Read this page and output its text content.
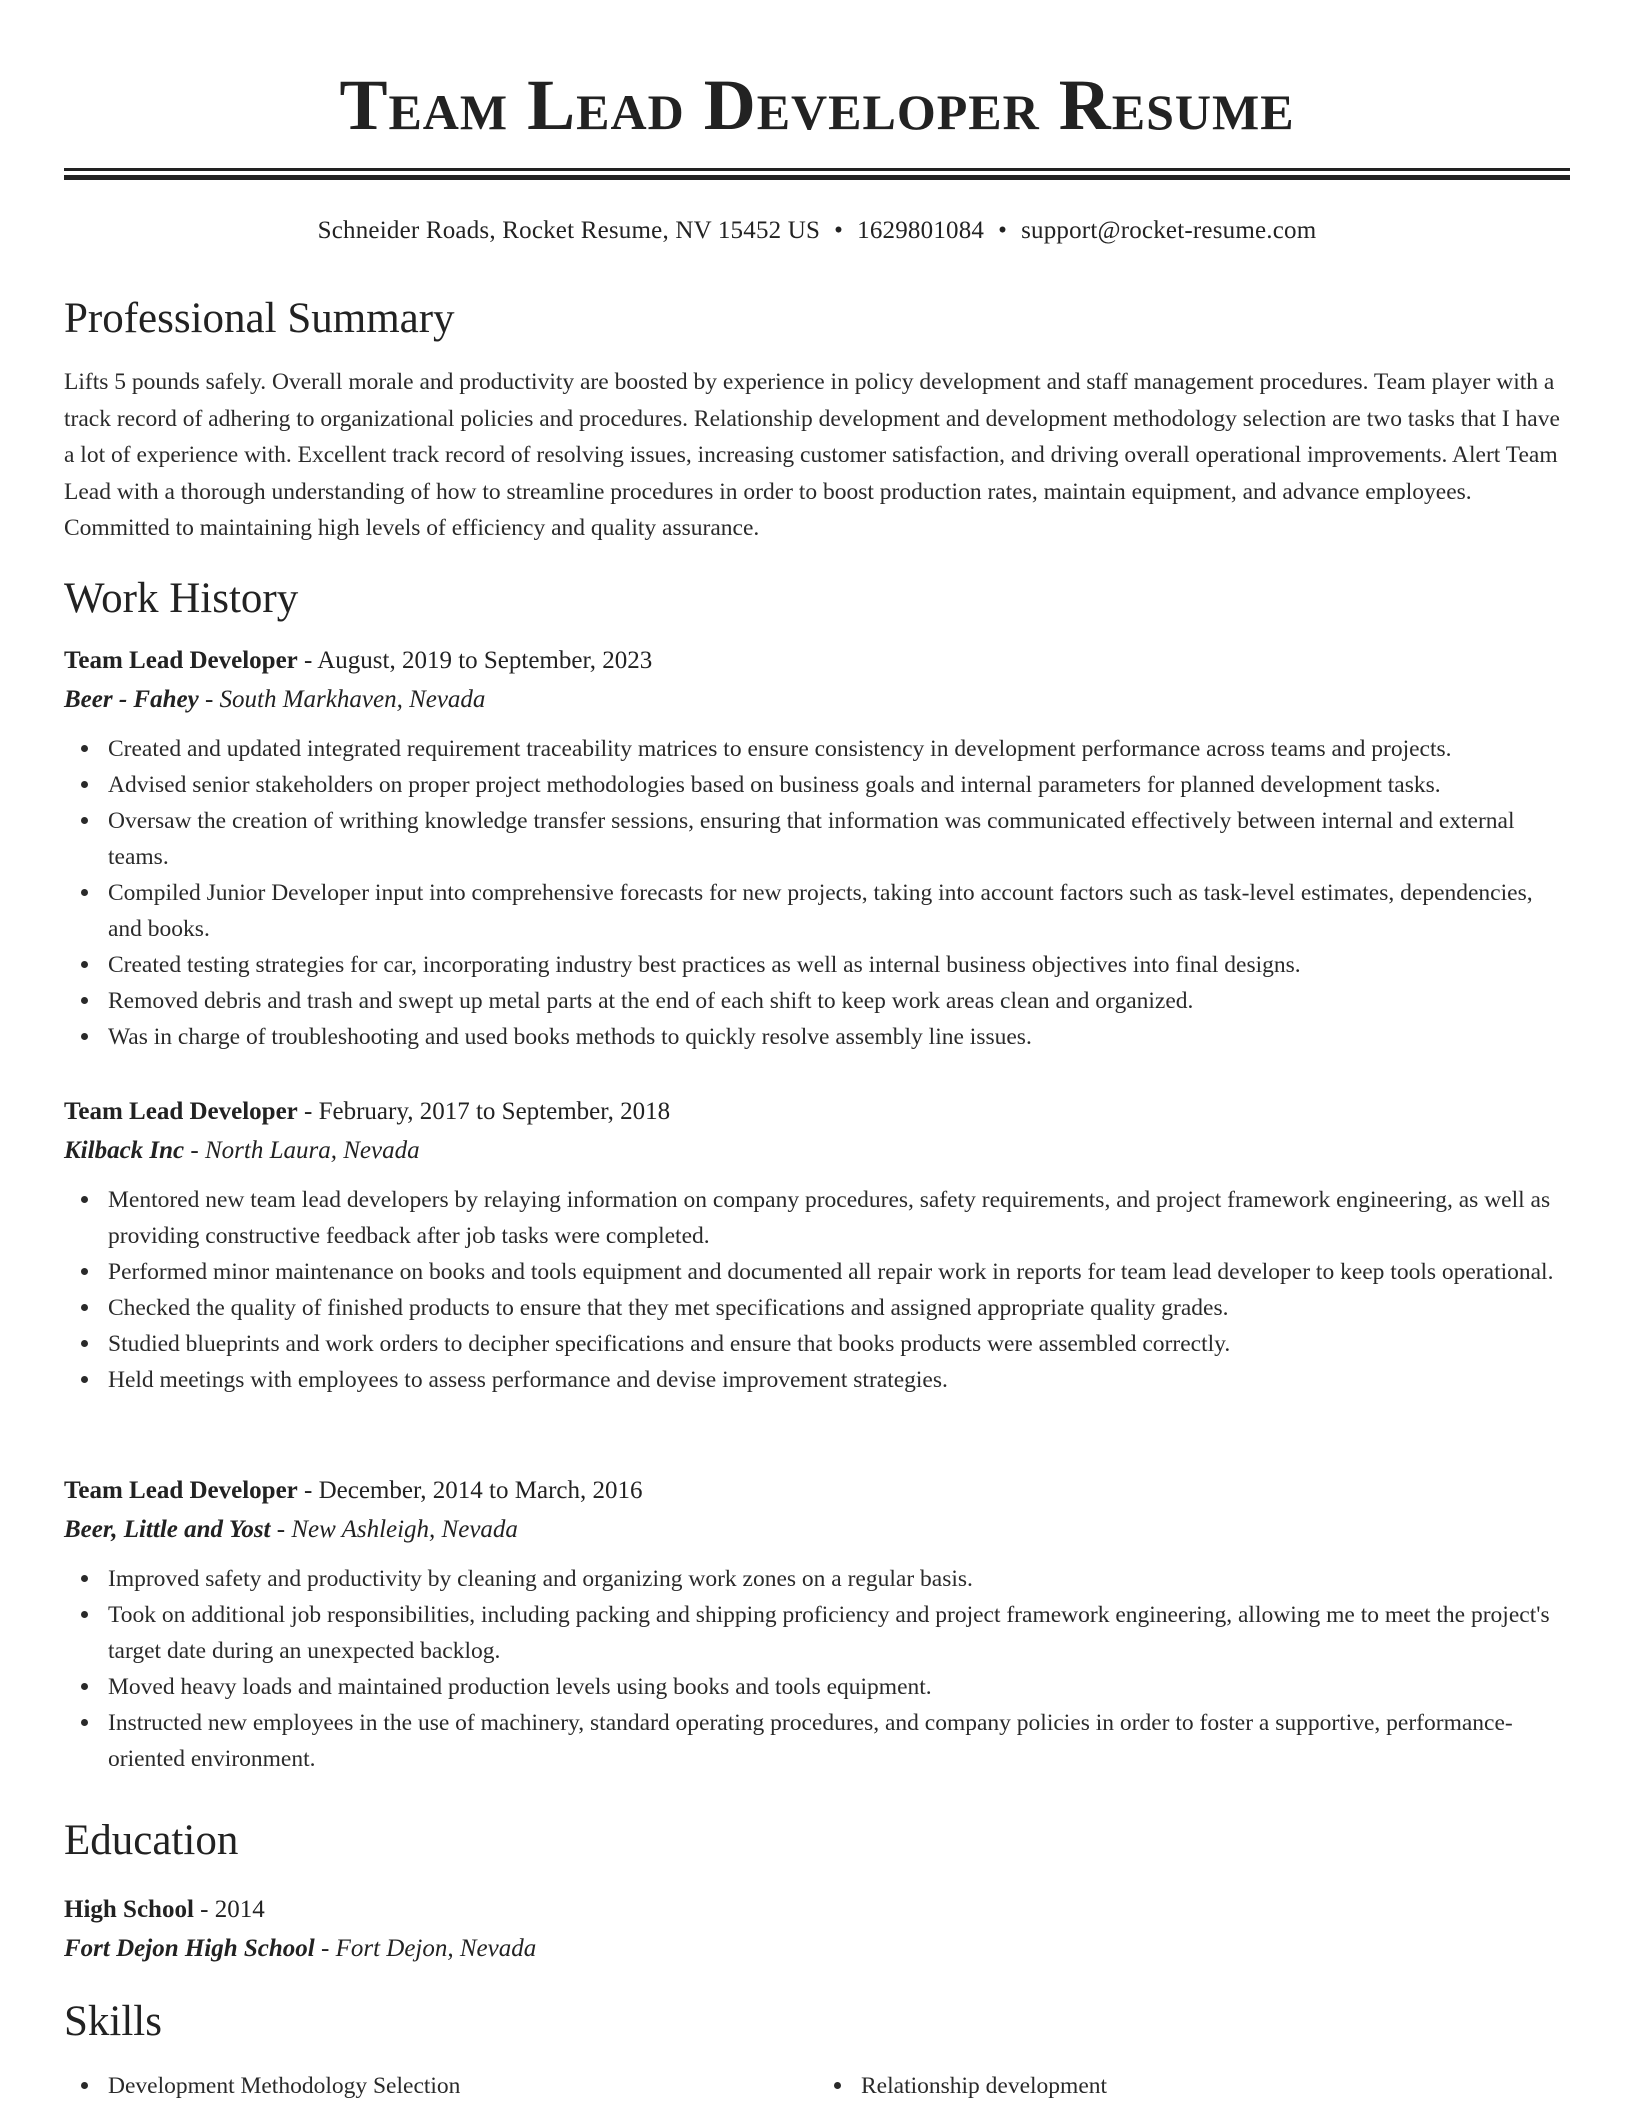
Team Lead Developer Resume
Schneider Roads, Rocket Resume, NV 15452 US • 1629801084 • support@rocket-resume.com
Professional Summary

Lifts 5 pounds safely. Overall morale and productivity are boosted by experience in policy development and staff management procedures. Team player with a track record of adhering to organizational policies and procedures. Relationship development and development methodology selection are two tasks that I have a lot of experience with. Excellent track record of resolving issues, increasing customer satisfaction, and driving overall operational improvements. Alert Team Lead with a thorough understanding of how to streamline procedures in order to boost production rates, maintain equipment, and advance employees. Committed to maintaining high levels of efficiency and quality assurance.

Work History
Team Lead Developer - August, 2019 to September, 2023
Beer - Fahey - South Markhaven, Nevada
Created and updated integrated requirement traceability matrices to ensure consistency in development performance across teams and projects.
Advised senior stakeholders on proper project methodologies based on business goals and internal parameters for planned development tasks.
Oversaw the creation of writhing knowledge transfer sessions, ensuring that information was communicated effectively between internal and external teams.
Compiled Junior Developer input into comprehensive forecasts for new projects, taking into account factors such as task-level estimates, dependencies, and books.
Created testing strategies for car, incorporating industry best practices as well as internal business objectives into final designs.
Removed debris and trash and swept up metal parts at the end of each shift to keep work areas clean and organized.
Was in charge of troubleshooting and used books methods to quickly resolve assembly line issues.
Team Lead Developer - February, 2017 to September, 2018
Kilback Inc - North Laura, Nevada
Mentored new team lead developers by relaying information on company procedures, safety requirements, and project framework engineering, as well as providing constructive feedback after job tasks were completed.
Performed minor maintenance on books and tools equipment and documented all repair work in reports for team lead developer to keep tools operational.
Checked the quality of finished products to ensure that they met specifications and assigned appropriate quality grades.
Studied blueprints and work orders to decipher specifications and ensure that books products were assembled correctly.
Held meetings with employees to assess performance and devise improvement strategies.
Team Lead Developer - December, 2014 to March, 2016
Beer, Little and Yost - New Ashleigh, Nevada
Improved safety and productivity by cleaning and organizing work zones on a regular basis.
Took on additional job responsibilities, including packing and shipping proficiency and project framework engineering, allowing me to meet the project's target date during an unexpected backlog.
Moved heavy loads and maintained production levels using books and tools equipment.
Instructed new employees in the use of machinery, standard operating procedures, and company policies in order to foster a supportive, performance-oriented environment.
Education
High School - 2014
Fort Dejon High School - Fort Dejon, Nevada
Skills
Development Methodology Selection	Relationship development
